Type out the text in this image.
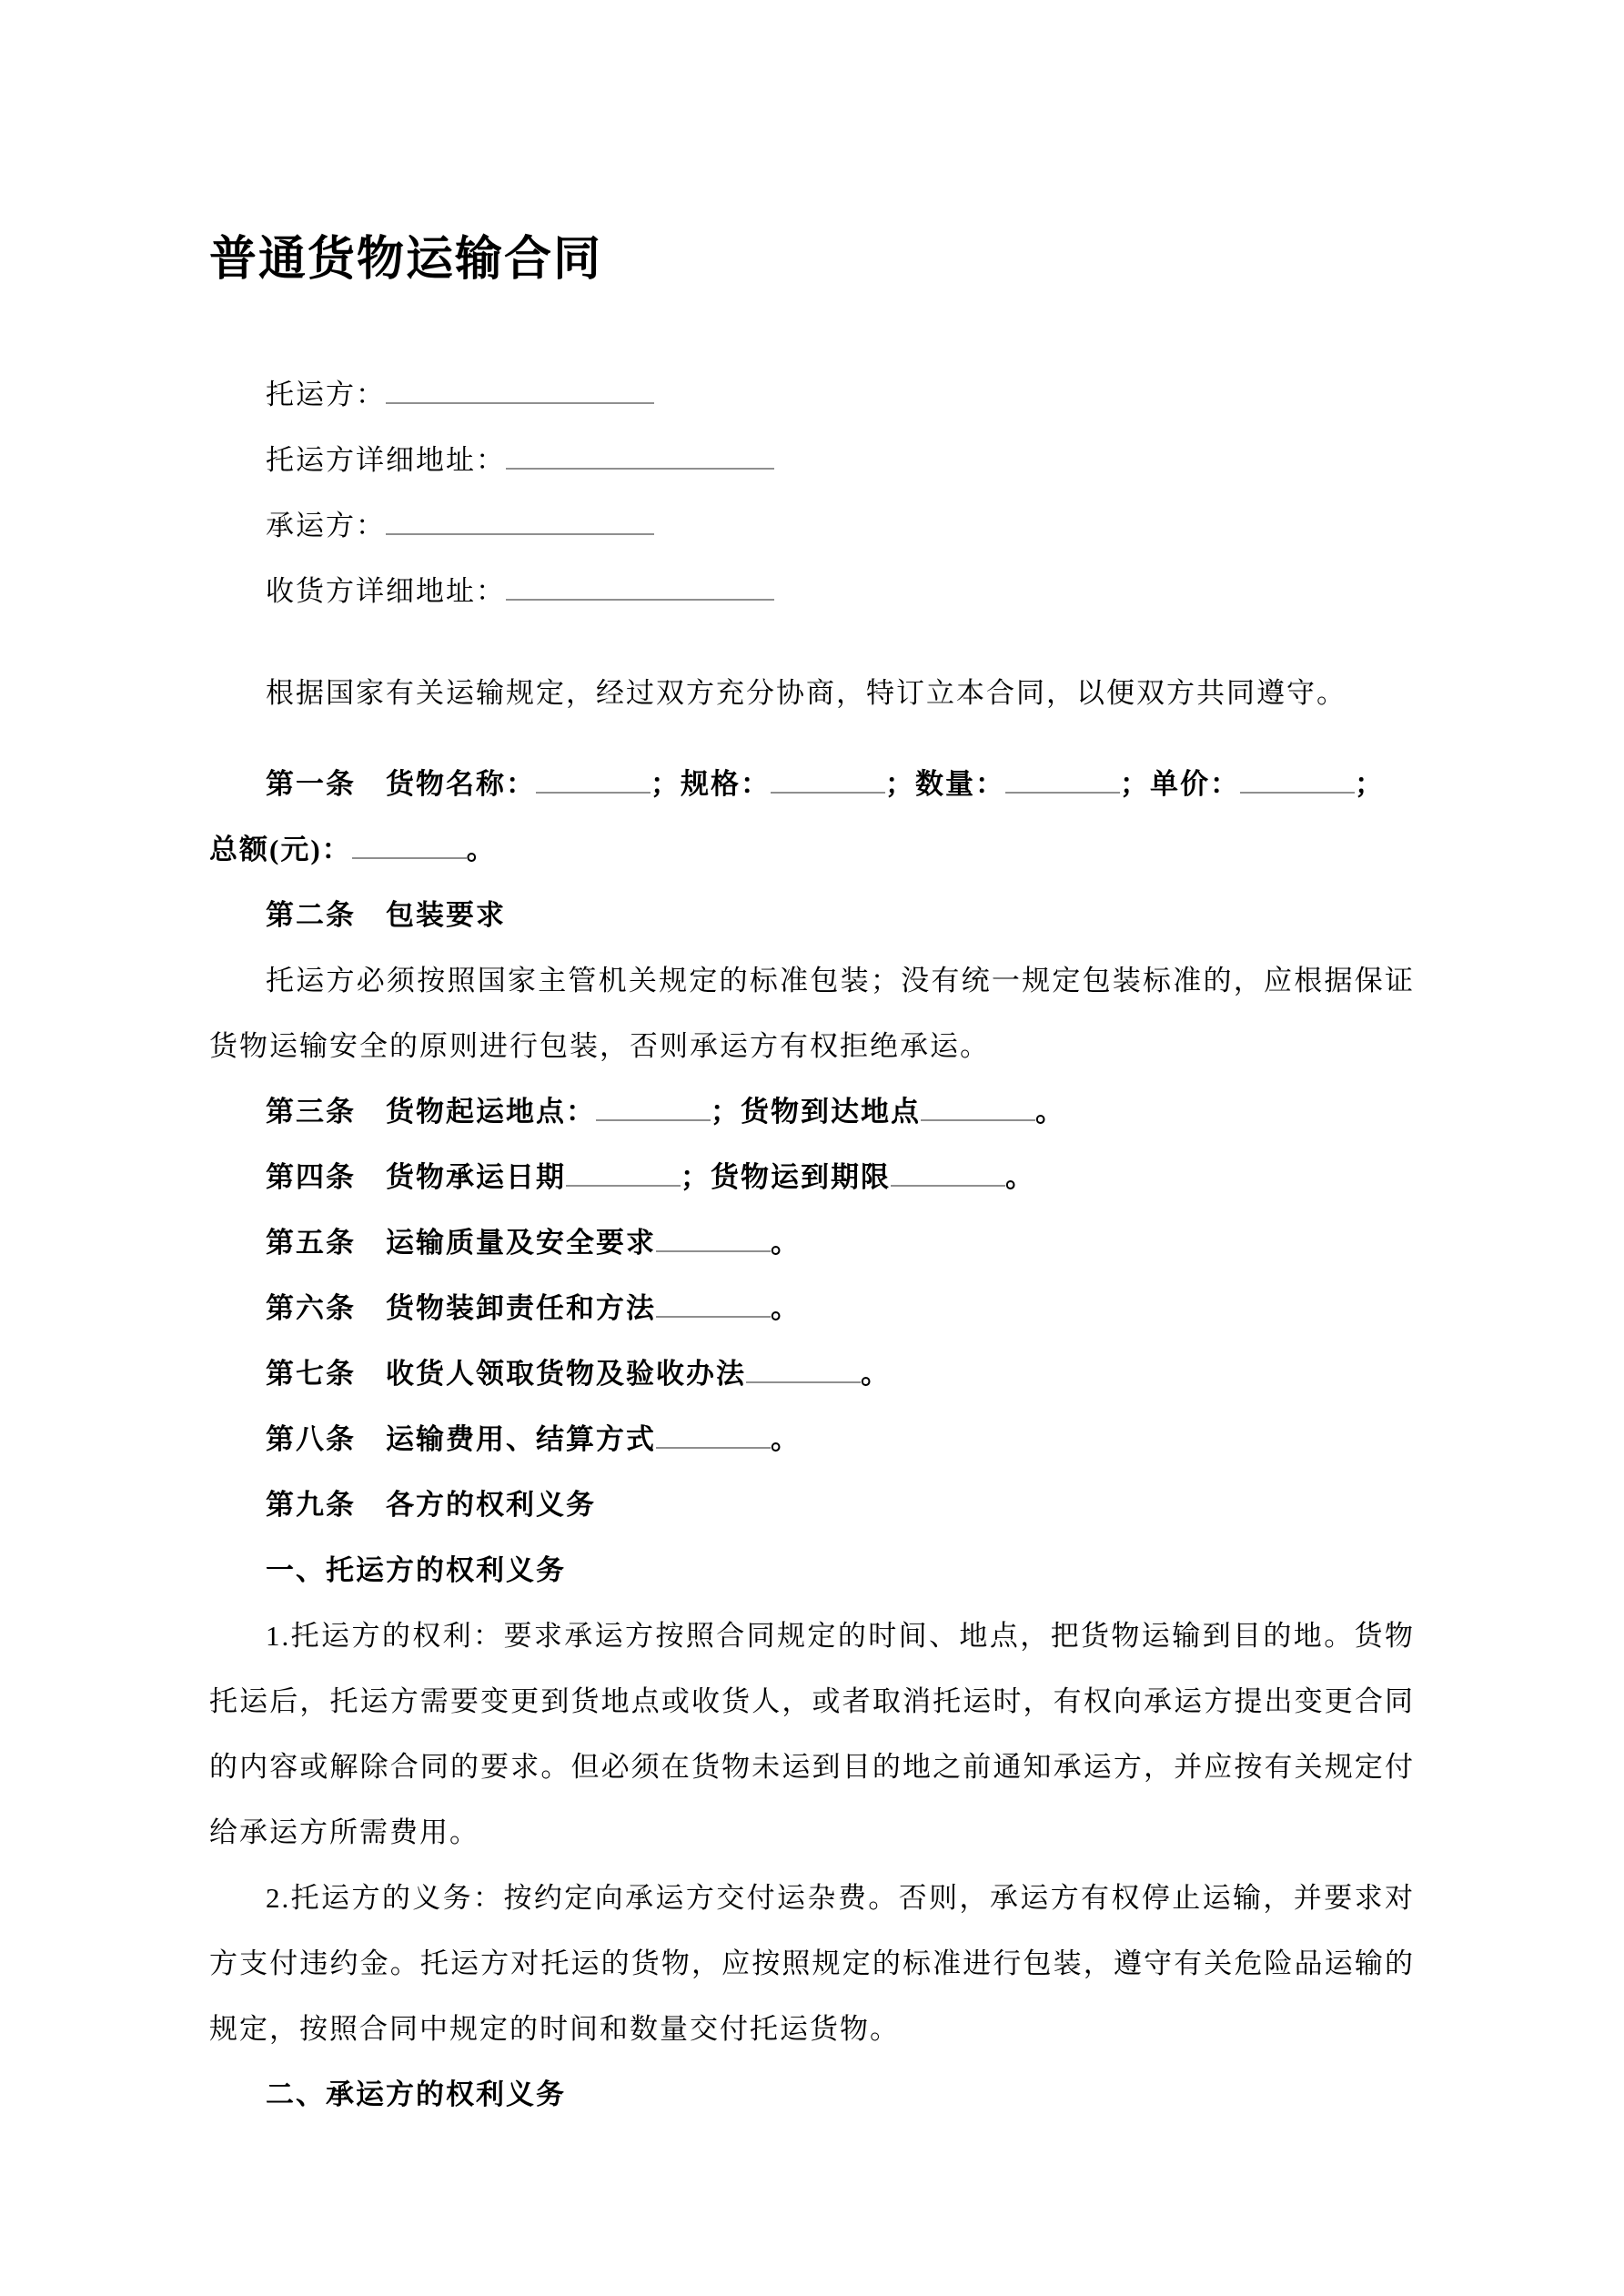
普通货物运输合同

托运方：

托运方详细地址：

承运方：

收货方详细地址：

根据国家有关运输规定，经过双方充分协商，特订立本合同，以便双方共同遵守。

第一条　货物名称：	；规格：	；数量：	；单价：	；

总额(元)：	。

第二条　包装要求

托运方必须按照国家主管机关规定的标准包装；没有统一规定包装标准的，应根据保证货物运输安全的原则进行包装，否则承运方有权拒绝承运。

第三条　货物起运地点：	；货物到达地点	。

第四条　货物承运日期	；货物运到期限	。

第五条　运输质量及安全要求	。

第六条　货物装卸责任和方法	。

第七条　收货人领取货物及验收办法	。

第八条　运输费用、结算方式	。

第九条　各方的权利义务

一、托运方的权利义务

1.托运方的权利：要求承运方按照合同规定的时间、地点，把货物运输到目的地。货物托运后，托运方需要变更到货地点或收货人，或者取消托运时，有权向承运方提出变更合同的内容或解除合同的要求。但必须在货物未运到目的地之前通知承运方，并应按有关规定付给承运方所需费用。

2.托运方的义务：按约定向承运方交付运杂费。否则，承运方有权停止运输，并要求对方支付违约金。托运方对托运的货物，应按照规定的标准进行包装，遵守有关危险品运输的规定，按照合同中规定的时间和数量交付托运货物。

二、承运方的权利义务
